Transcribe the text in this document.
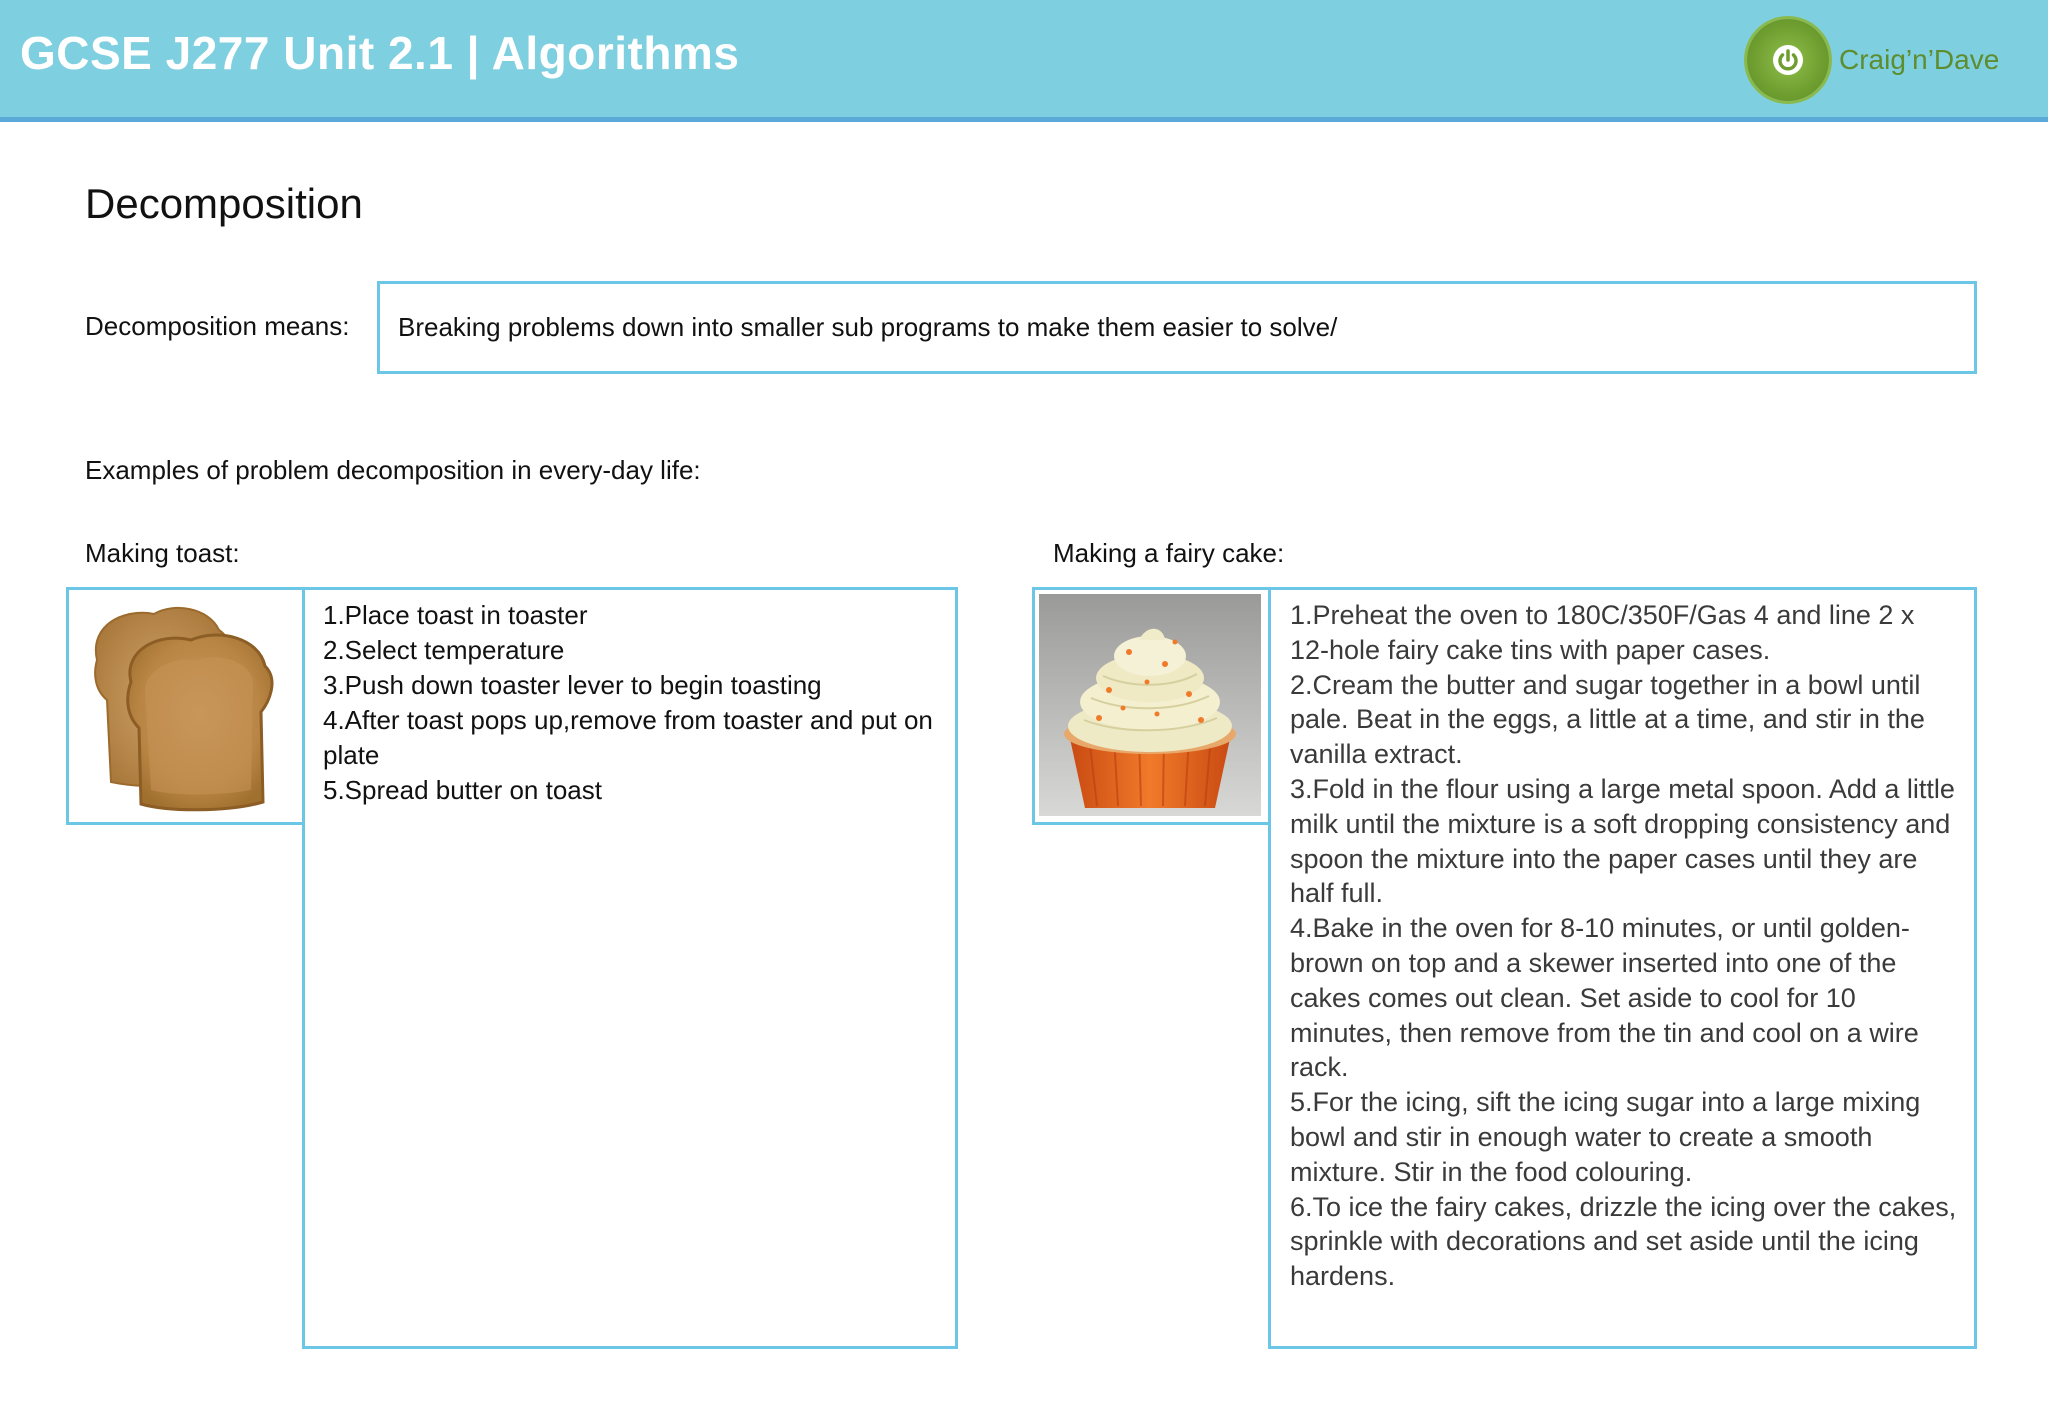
GCSE J277 Unit 2.1 | Algorithms	Craig’n’Dave
Decomposition
Decomposition means: Breaking problems down into smaller sub programs to make them easier to solve/
Examples of problem decomposition in every-day life:
Making toast:
1.Place toast in toaster
2.Select temperature
3.Push down toaster lever to begin toasting
4.After toast pops up,remove from toaster and put on plate
5.Spread butter on toast
Making a fairy cake:
1.Preheat the oven to 180C/350F/Gas 4 and line 2 x 12-hole fairy cake tins with paper cases.
2.Cream the butter and sugar together in a bowl until pale. Beat in the eggs, a little at a time, and stir in the vanilla extract.
3.Fold in the flour using a large metal spoon. Add a little milk until the mixture is a soft dropping consistency and spoon the mixture into the paper cases until they are half full.
4.Bake in the oven for 8-10 minutes, or until golden-brown on top and a skewer inserted into one of the cakes comes out clean. Set aside to cool for 10 minutes, then remove from the tin and cool on a wire rack.
5.For the icing, sift the icing sugar into a large mixing bowl and stir in enough water to create a smooth mixture. Stir in the food colouring.
6.To ice the fairy cakes, drizzle the icing over the cakes, sprinkle with decorations and set aside until the icing hardens.
